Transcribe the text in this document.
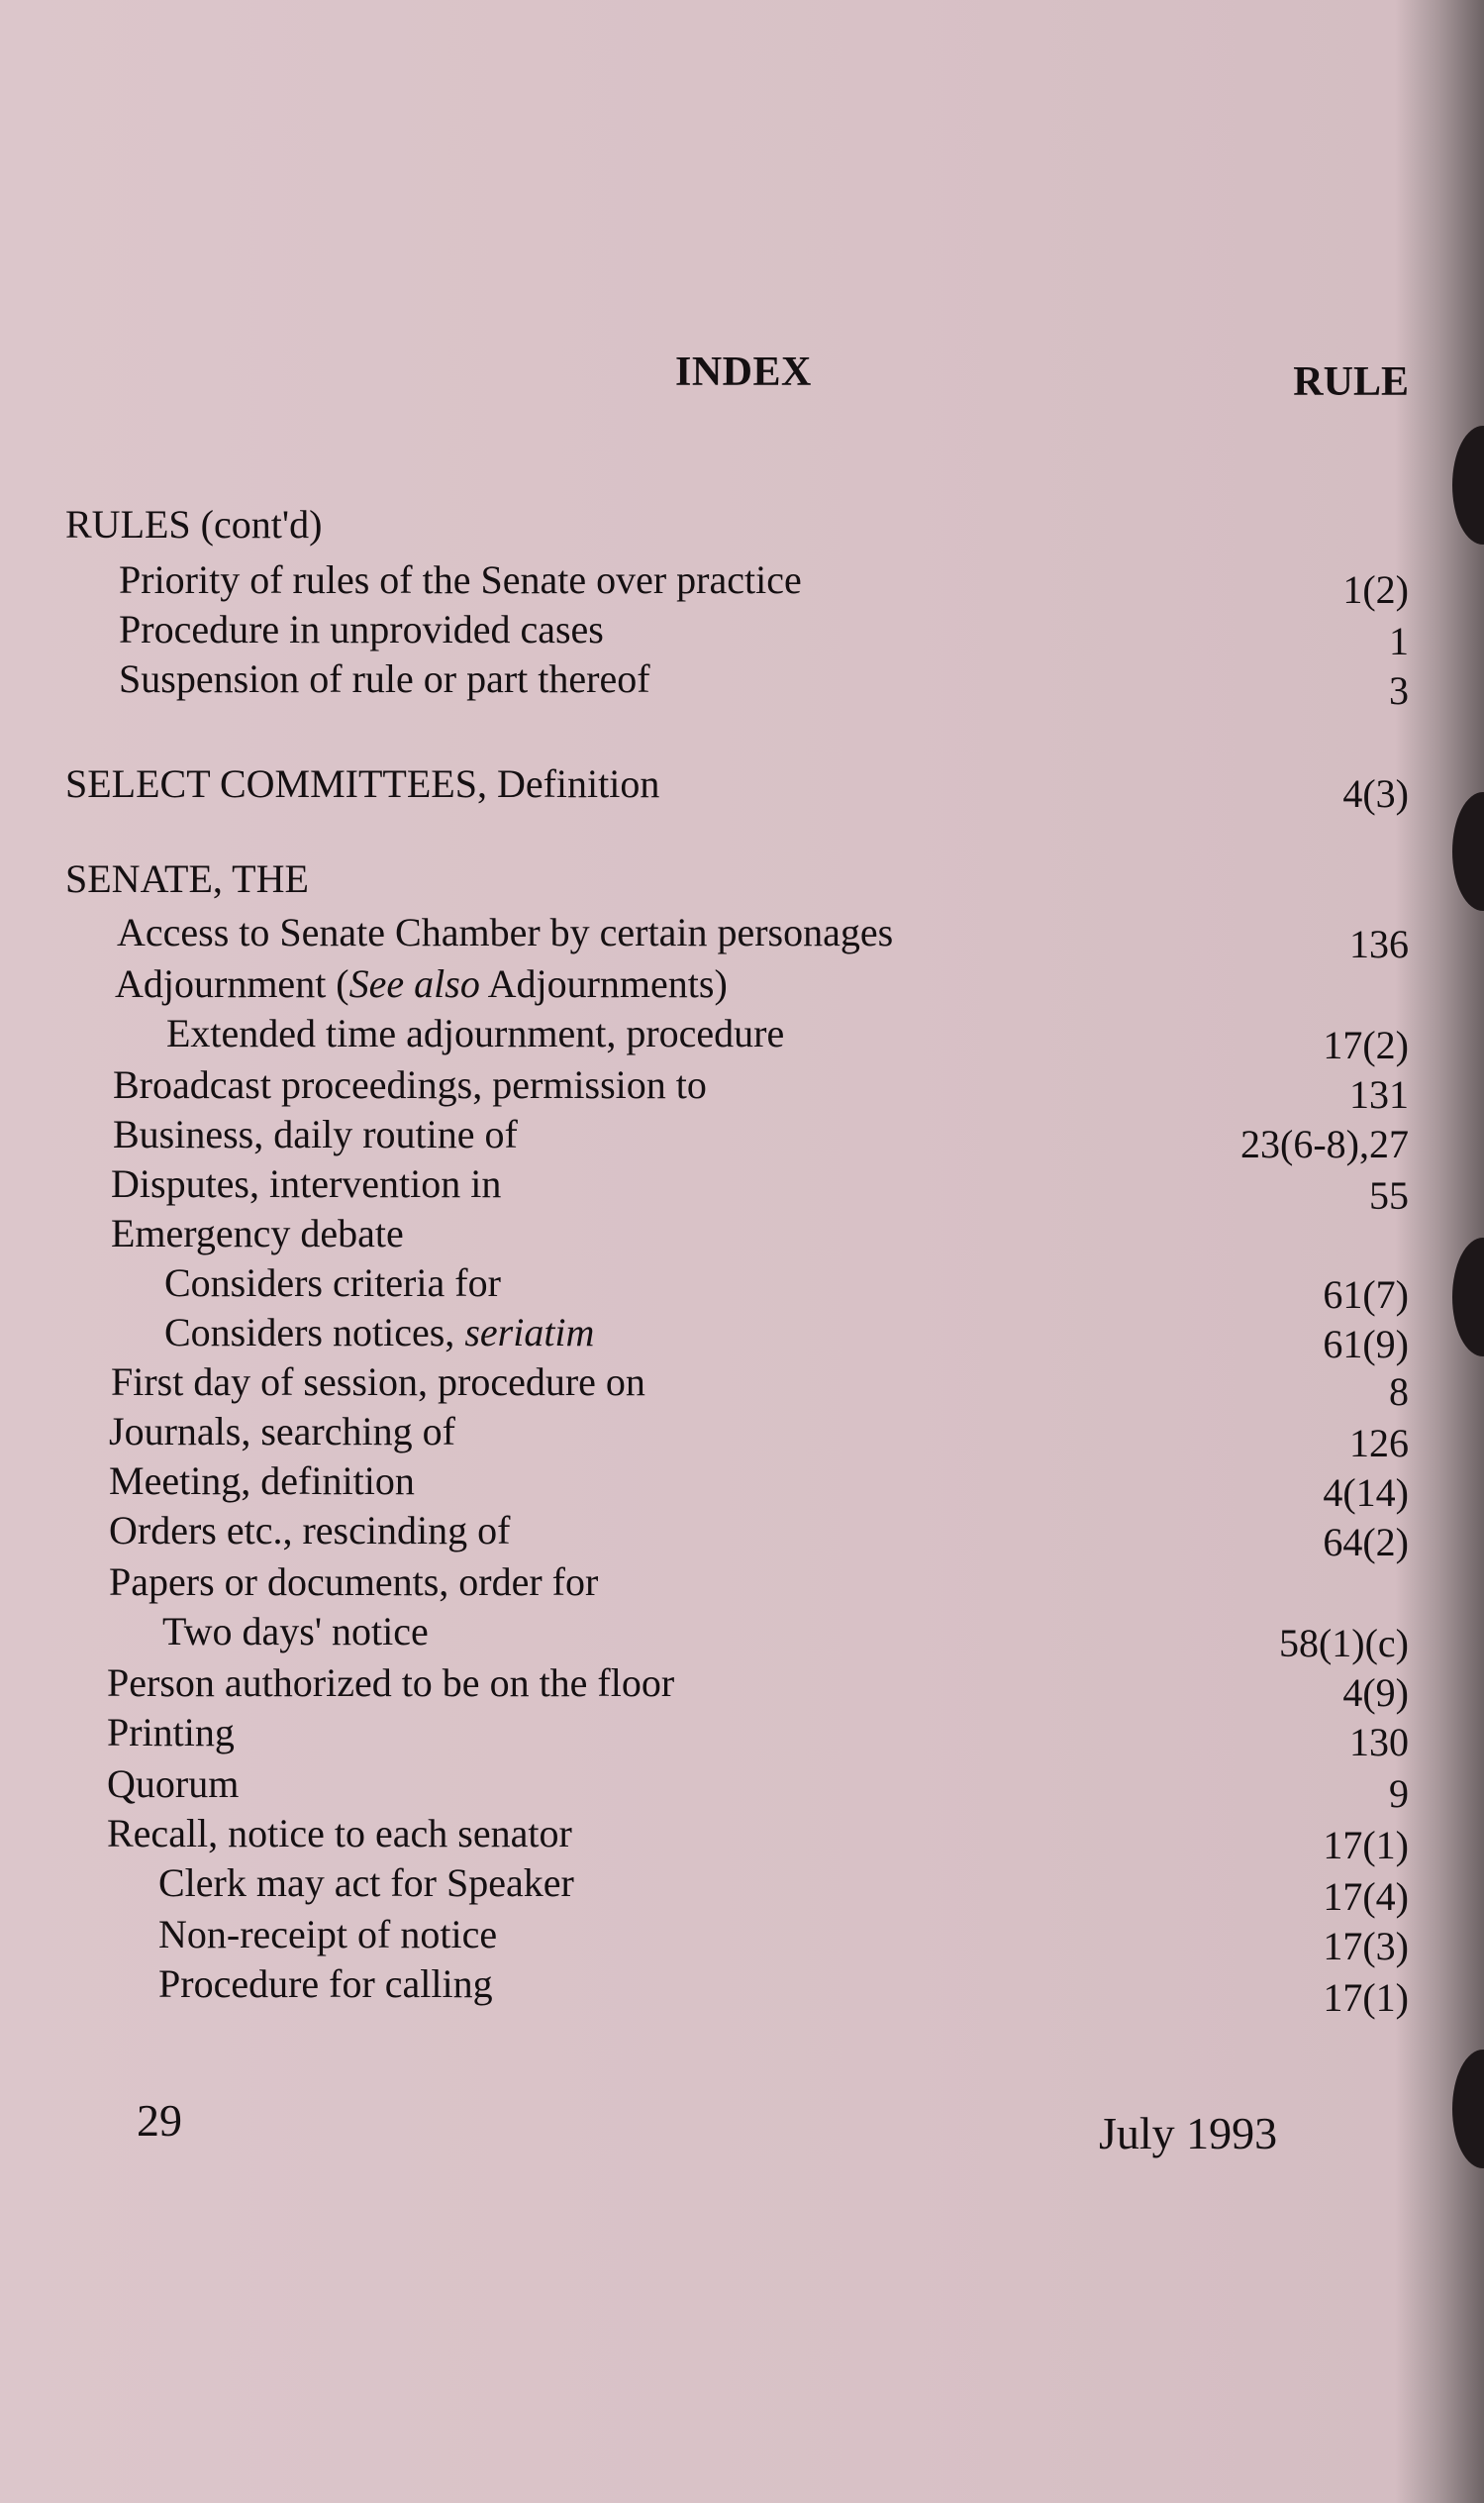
INDEX	RULE
RULES (cont'd)
Priority of rules of the Senate over practice	1(2)
Procedure in unprovided cases	1
Suspension of rule or part thereof	3
SELECT COMMITTEES, Definition	4(3)
SENATE, THE
Access to Senate Chamber by certain personages	136
Adjournment (See also Adjournments)
Extended time adjournment, procedure	17(2)
Broadcast proceedings, permission to	131
Business, daily routine of	23(6-8),27
Disputes, intervention in	55
Emergency debate
Considers criteria for	61(7)
Considers notices, seriatim	61(9)
First day of session, procedure on	8
Journals, searching of	126
Meeting, definition	4(14)
Orders etc., rescinding of	64(2)
Papers or documents, order for
Two days' notice	58(1)(c)
Person authorized to be on the floor	4(9)
Printing	130
Quorum	9
Recall, notice to each senator	17(1)
Clerk may act for Speaker	17(4)
Non-receipt of notice	17(3)
Procedure for calling	17(1)
29	July 1993
